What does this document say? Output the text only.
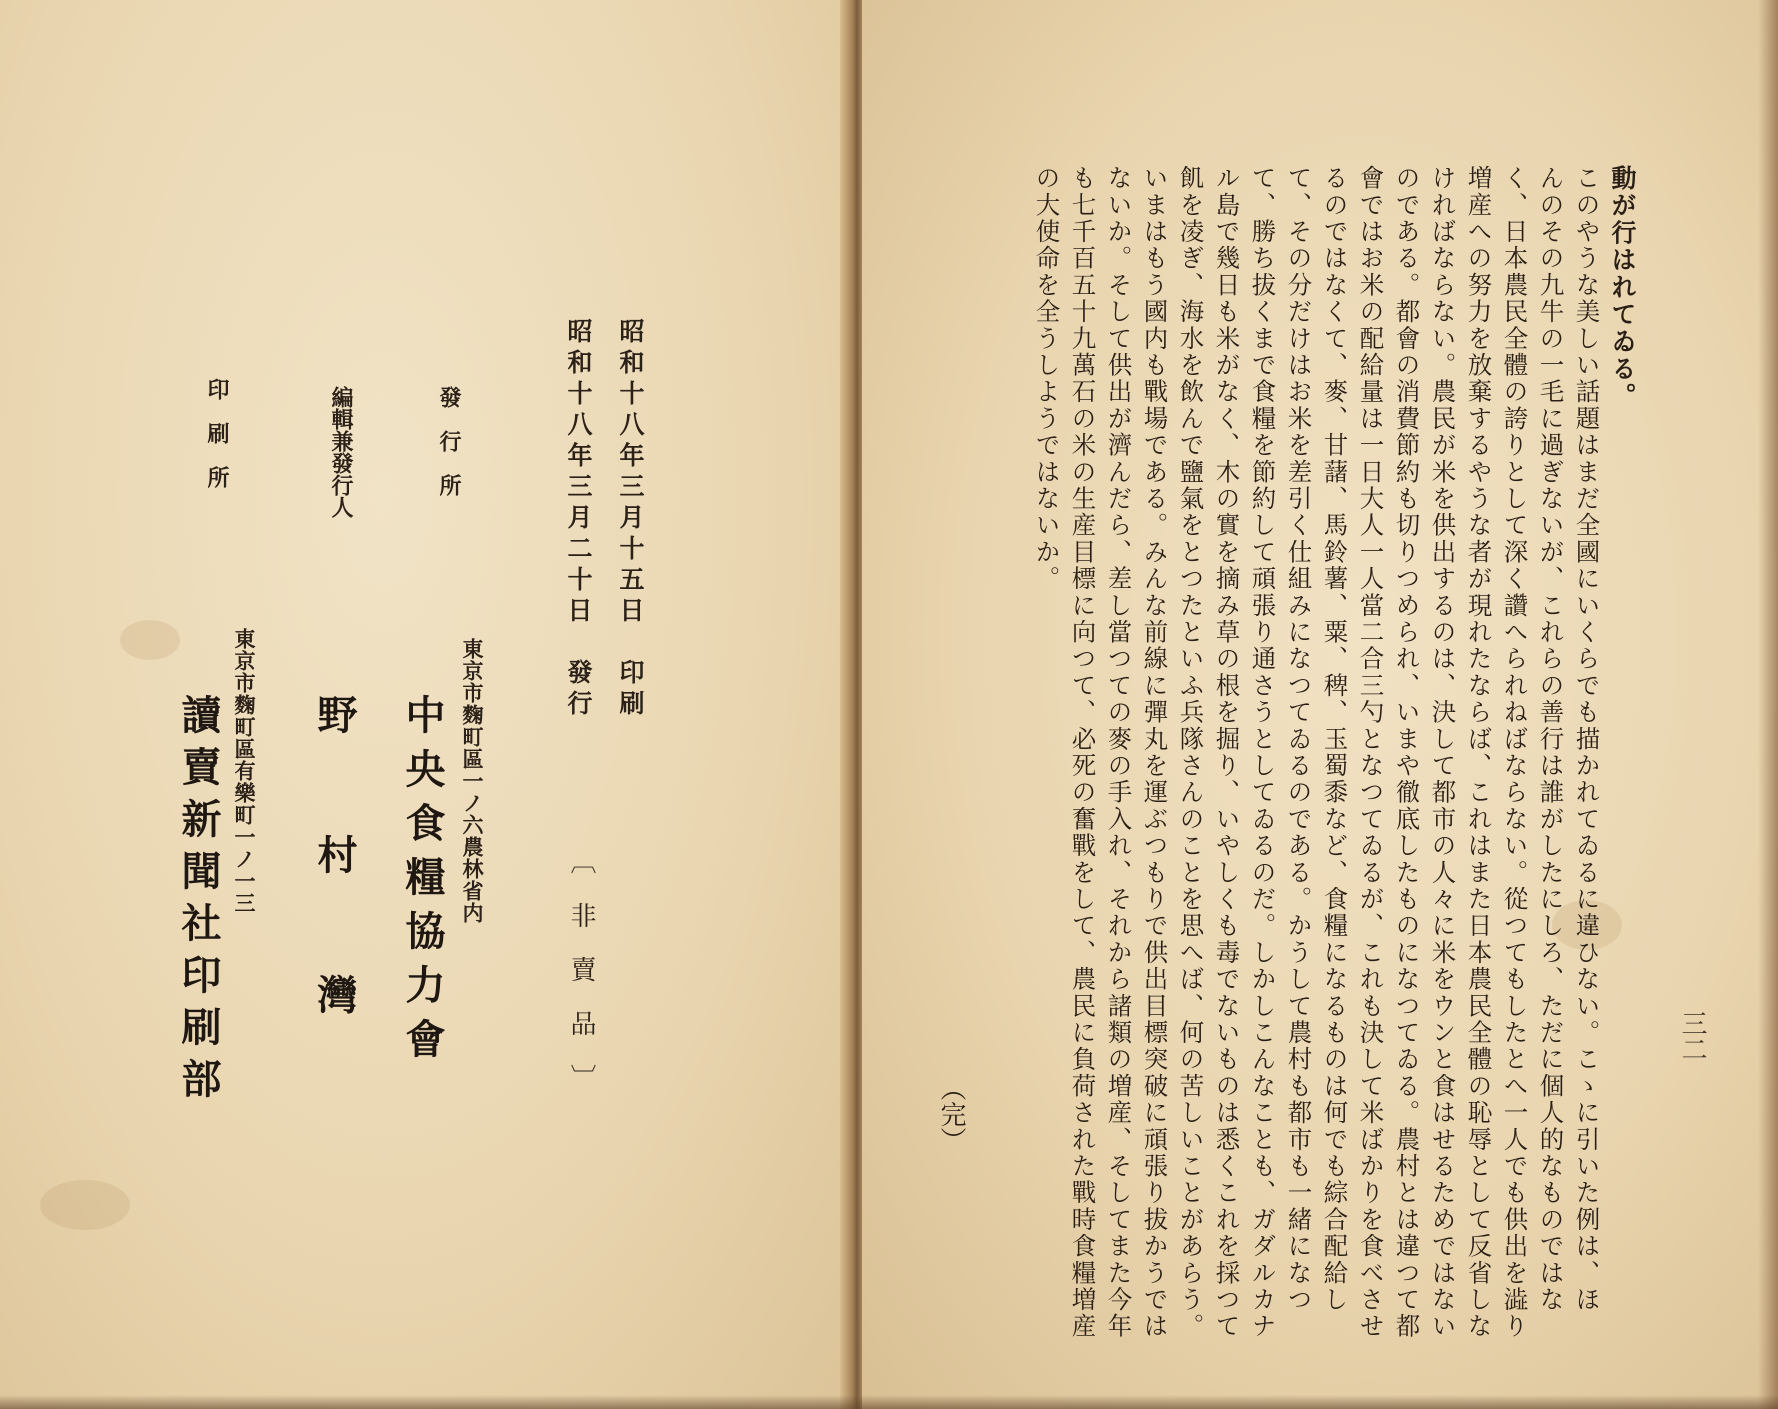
昭和十八年三月十五日　印刷
昭和十八年三月二十日　發行
〔非賣品〕
發　行　所
東京市麴町區一ノ六農林省内
中央食糧協力會
編輯兼發行人
野　村　灣
印　刷　所
東京市麴町區有樂町一ノ一三
讀賣新聞社印刷部	三二
動が行はれてゐる。
このやうな美しい話題はまだ全國にいくらでも描かれてゐるに違ひない。こゝに引いた例は、ほ
んのその九牛の一毛に過ぎないが、これらの善行は誰がしたにしろ、ただに個人的なものではな
く、日本農民全體の誇りとして深く讚へられねばならない。從つてもしたとへ一人でも供出を澁り
増産への努力を放棄するやうな者が現れたならば、これはまた日本農民全體の恥辱として反省しな
ければならない。農民が米を供出するのは、決して都市の人々に米をウンと食はせるためではない
のである。都會の消費節約も切りつめられ、いまや徹底したものになつてゐる。農村とは違つて都
會ではお米の配給量は一日大人一人當二合三勺となつてゐるが、これも決して米ばかりを食べさせ
るのではなくて、麥、甘藷、馬鈴薯、粟、稗、玉蜀黍など、食糧になるものは何でも綜合配給し
て、その分だけはお米を差引く仕組みになつてゐるのである。かうして農村も都市も一緒になつ
て、勝ち拔くまで食糧を節約して頑張り通さうとしてゐるのだ。しかしこんなことも、ガダルカナ
ル島で幾日も米がなく、木の實を摘み草の根を掘り、いやしくも毒でないものは悉くこれを採つて
飢を凌ぎ、海水を飲んで鹽氣をとつたといふ兵隊さんのことを思へば、何の苦しいことがあらう。
いまはもう國内も戰場である。みんな前線に彈丸を運ぶつもりで供出目標突破に頑張り拔かうでは
ないか。そして供出が濟んだら、差し當つての麥の手入れ、それから諸類の増産、そしてまた今年
も七千百五十九萬石の米の生産目標に向つて、必死の奮戰をして、農民に負荷された戰時食糧増産
の大使命を全うしようではないか。
（完）
